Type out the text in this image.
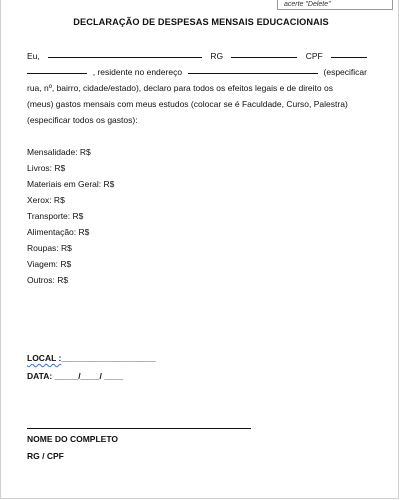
acerte "Delete"
DECLARAÇÃO DE DESPESAS MENSAIS EDUCACIONAIS
Eu,	RG	CPF
, residente no endereço	(especificar
rua, nº, bairro, cidade/estado), declaro para todos os efeitos legais e de direito os
(meus) gastos mensais com meus estudos (colocar se é Faculdade, Curso, Palestra)
(especificar todos os gastos):
Mensalidade: R$
Livros: R$
Materiais em Geral: R$
Xerox: R$
Transporte: R$
Alimentação: R$
Roupas: R$
Viagem: R$
Outros: R$
LOCAL :____________________
DATA: _____/____/ ____
NOME DO COMPLETO
RG / CPF
